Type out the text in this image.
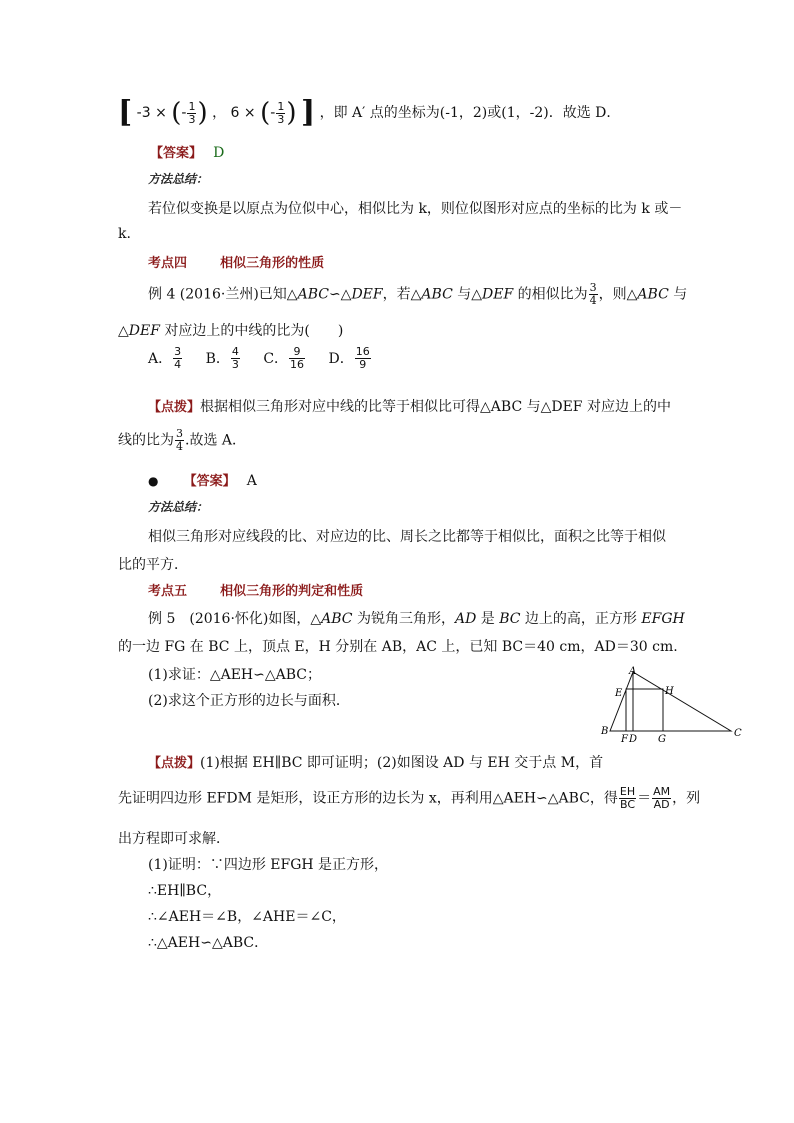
[ -3 × (- $\frac{1}{3}$ ) ， 6 × (- $\frac{1}{3}$ ) ] ，即 A′ 点的坐标为(-1，2)或(1，-2)．故选 D．
【答案】 D
方法总结：
若位似变换是以原点为位似中心，相似比为 k，则位似图形对应点的坐标的比为 k 或－
k.
考点四	相似三角形的性质
例 4 (2016·兰州)已知△ABC∽△DEF，若△ABC 与△DEF 的相似比为 $\frac{3}{4}$ ，则△ABC 与
△DEF 对应边上的中线的比为(　　)
A． $\frac{3}{4}$ B． $\frac{4}{3}$ C． $\frac{9}{16}$ D． $\frac{16}{9}$
【点拨】根据相似三角形对应中线的比等于相似比可得△ABC 与△DEF 对应边上的中
线的比为 $\frac{3}{4}$ .故选 A．
● 【答案】 A
方法总结：
相似三角形对应线段的比、对应边的比、周长之比都等于相似比，面积之比等于相似
比的平方．
考点五	相似三角形的判定和性质
例 5　(2016·怀化)如图，△ABC 为锐角三角形，AD 是 BC 边上的高，正方形 EFGH
的一边 FG 在 BC 上，顶点 E，H 分别在 AB，AC 上，已知 BC＝40 cm，AD＝30 cm.
(1)求证：△AEH∽△ABC；
(2)求这个正方形的边长与面积．
A
B	C
D
E
F	G
H
【点拨】(1)根据 EH∥BC 即可证明；(2)如图设 AD 与 EH 交于点 M，首
先证明四边形 EFDM 是矩形，设正方形的边长为 x，再利用△AEH∽△ABC，得 $\frac{EH}{BC} = \frac{AM}{AD}$ ，列
出方程即可求解．
(1)证明：∵四边形 EFGH 是正方形，
∴EH∥BC，
∴∠AEH＝∠B，∠AHE＝∠C，
∴△AEH∽△ABC．
